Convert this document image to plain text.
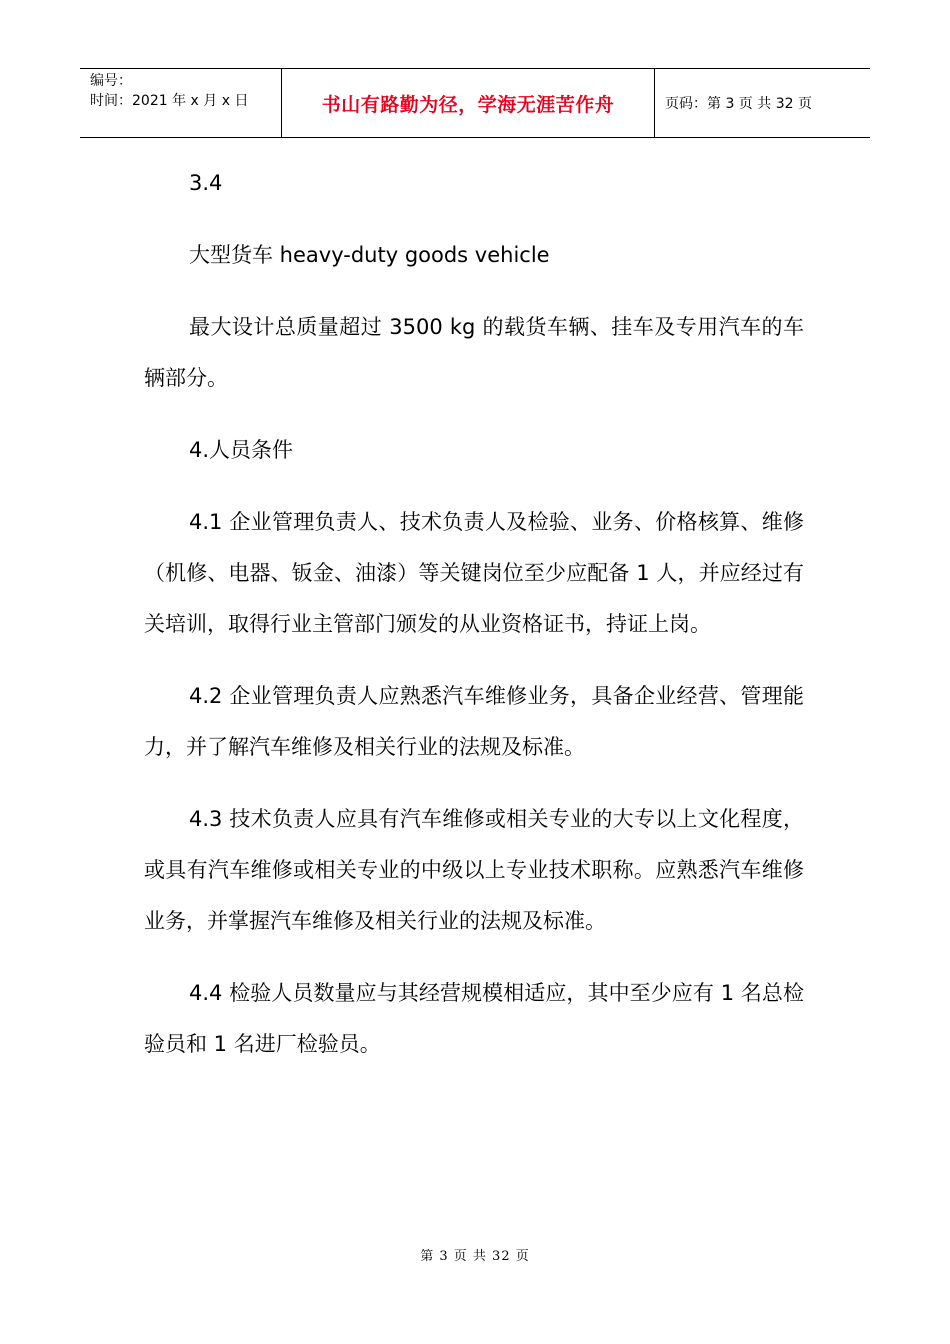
编号：
时间：2021 年 x 月 x 日	书山有路勤为径，学海无涯苦作舟	页码：第 3 页 共 32 页

3.4

大型货车 heavy-duty goods vehicle

最大设计总质量超过 3500 kg 的载货车辆、挂车及专用汽车的车辆部分。

4.人员条件

4.1 企业管理负责人、技术负责人及检验、业务、价格核算、维修（机修、电器、钣金、油漆）等关键岗位至少应配备 1 人，并应经过有关培训，取得行业主管部门颁发的从业资格证书，持证上岗。

4.2 企业管理负责人应熟悉汽车维修业务，具备企业经营、管理能力，并了解汽车维修及相关行业的法规及标准。

4.3 技术负责人应具有汽车维修或相关专业的大专以上文化程度，或具有汽车维修或相关专业的中级以上专业技术职称。应熟悉汽车维修业务，并掌握汽车维修及相关行业的法规及标准。

4.4 检验人员数量应与其经营规模相适应，其中至少应有 1 名总检验员和 1 名进厂检验员。

第 3 页 共 32 页
